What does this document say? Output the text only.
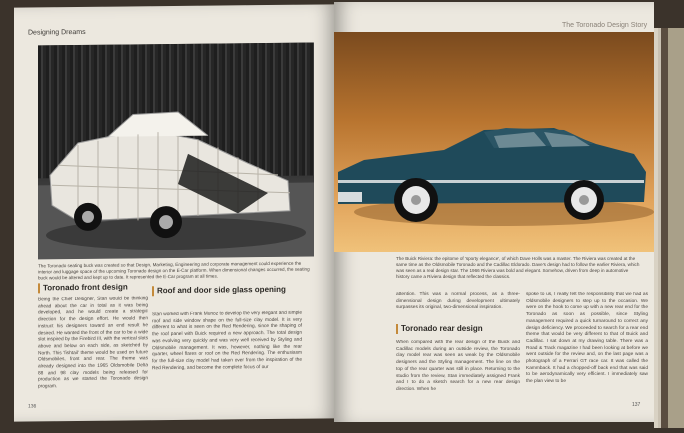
Designing Dreams
The Toronado seating buck was created so that Design, Marketing, Engineering and corporate management could experience the interior and luggage space of the upcoming Toronado design on the E-Car platform. When dimensional changes occurred, the seating buck would be altered and kept up to date. It represented the E-Car program at all times.
Toronado front design
Being the Chief Designer, Stan would be thinking ahead about the car in total as it was being developed, and he would create a strategic direction for the design effort. He would then instruct his designers toward an end result he desired. He wanted the front of the car to be a wide slot inspired by the Firebird III, with the vertical slots above and below on each side, as sketched by North. This 'fishtail' theme would be used on future Oldsmobiles, front and rear. The theme was already designed into the 1965 Oldsmobile Delta 88 and 98 clay models being released for production as we started the Toronado design program.
Roof and door side glass opening
Stan worked with Frank Munoz to develop the very elegant and simple roof and side window shape on the full-size clay model. It is very different to what is seen on the Red Rendering, since the shaping of the roof panel with Buick required a new approach. The total design was evolving very quickly and was very well received by Styling and Oldsmobile management. It was, however, nothing like the rear quarter, wheel flares or roof on the Red Rendering. The enthusiasm for the full-size clay model had taken over from the inspiration of the Red Rendering, and become the complete focus of our
136
The Toronado Design Story
The Buick Riviera: the epitome of 'sporty elegance', of which Dave Holls was a master. The Riviera was created at the same time as the Oldsmobile Toronado and the Cadillac Eldorado. Dave's design had to follow the earlier Riviera, which was seen as a real design star. The 1966 Riviera was bold and elegant. Somehow, driven from deep in automotive history came a Riviera design that reflected the classics.
attention. This was a normal process, as a three-dimensional design during development ultimately surpasses its original, two-dimensional inspiration.
Toronado rear design
When compared with the rear design of the Buick and Cadillac models during an outside review, the Toronado clay model rear was seen as weak by the Oldsmobile designers and the Styling management. The line on the top of the rear quarter was still in place. Returning to the studio from the review, Stan immediately assigned Frank and I to do a sketch search for a new rear design direction. When he
spoke to us, I really felt the responsibility that we had as Oldsmobile designers to step up to the occasion. We were on the hook to come up with a new rear end for the Toronado as soon as possible, since Styling management required a quick turnaround to correct any design deficiency. We proceeded to search for a rear end theme that would be very different to that of Buick and Cadillac. I sat down at my drawing table. There was a Road & Track magazine I had been looking at before we went outside for the review and, on the last page was a photograph of a Ferrari GT race car. It was called the Kammback. It had a chopped-off back end that was said to be aerodynamically very efficient. I immediately saw the plan view to be
137
